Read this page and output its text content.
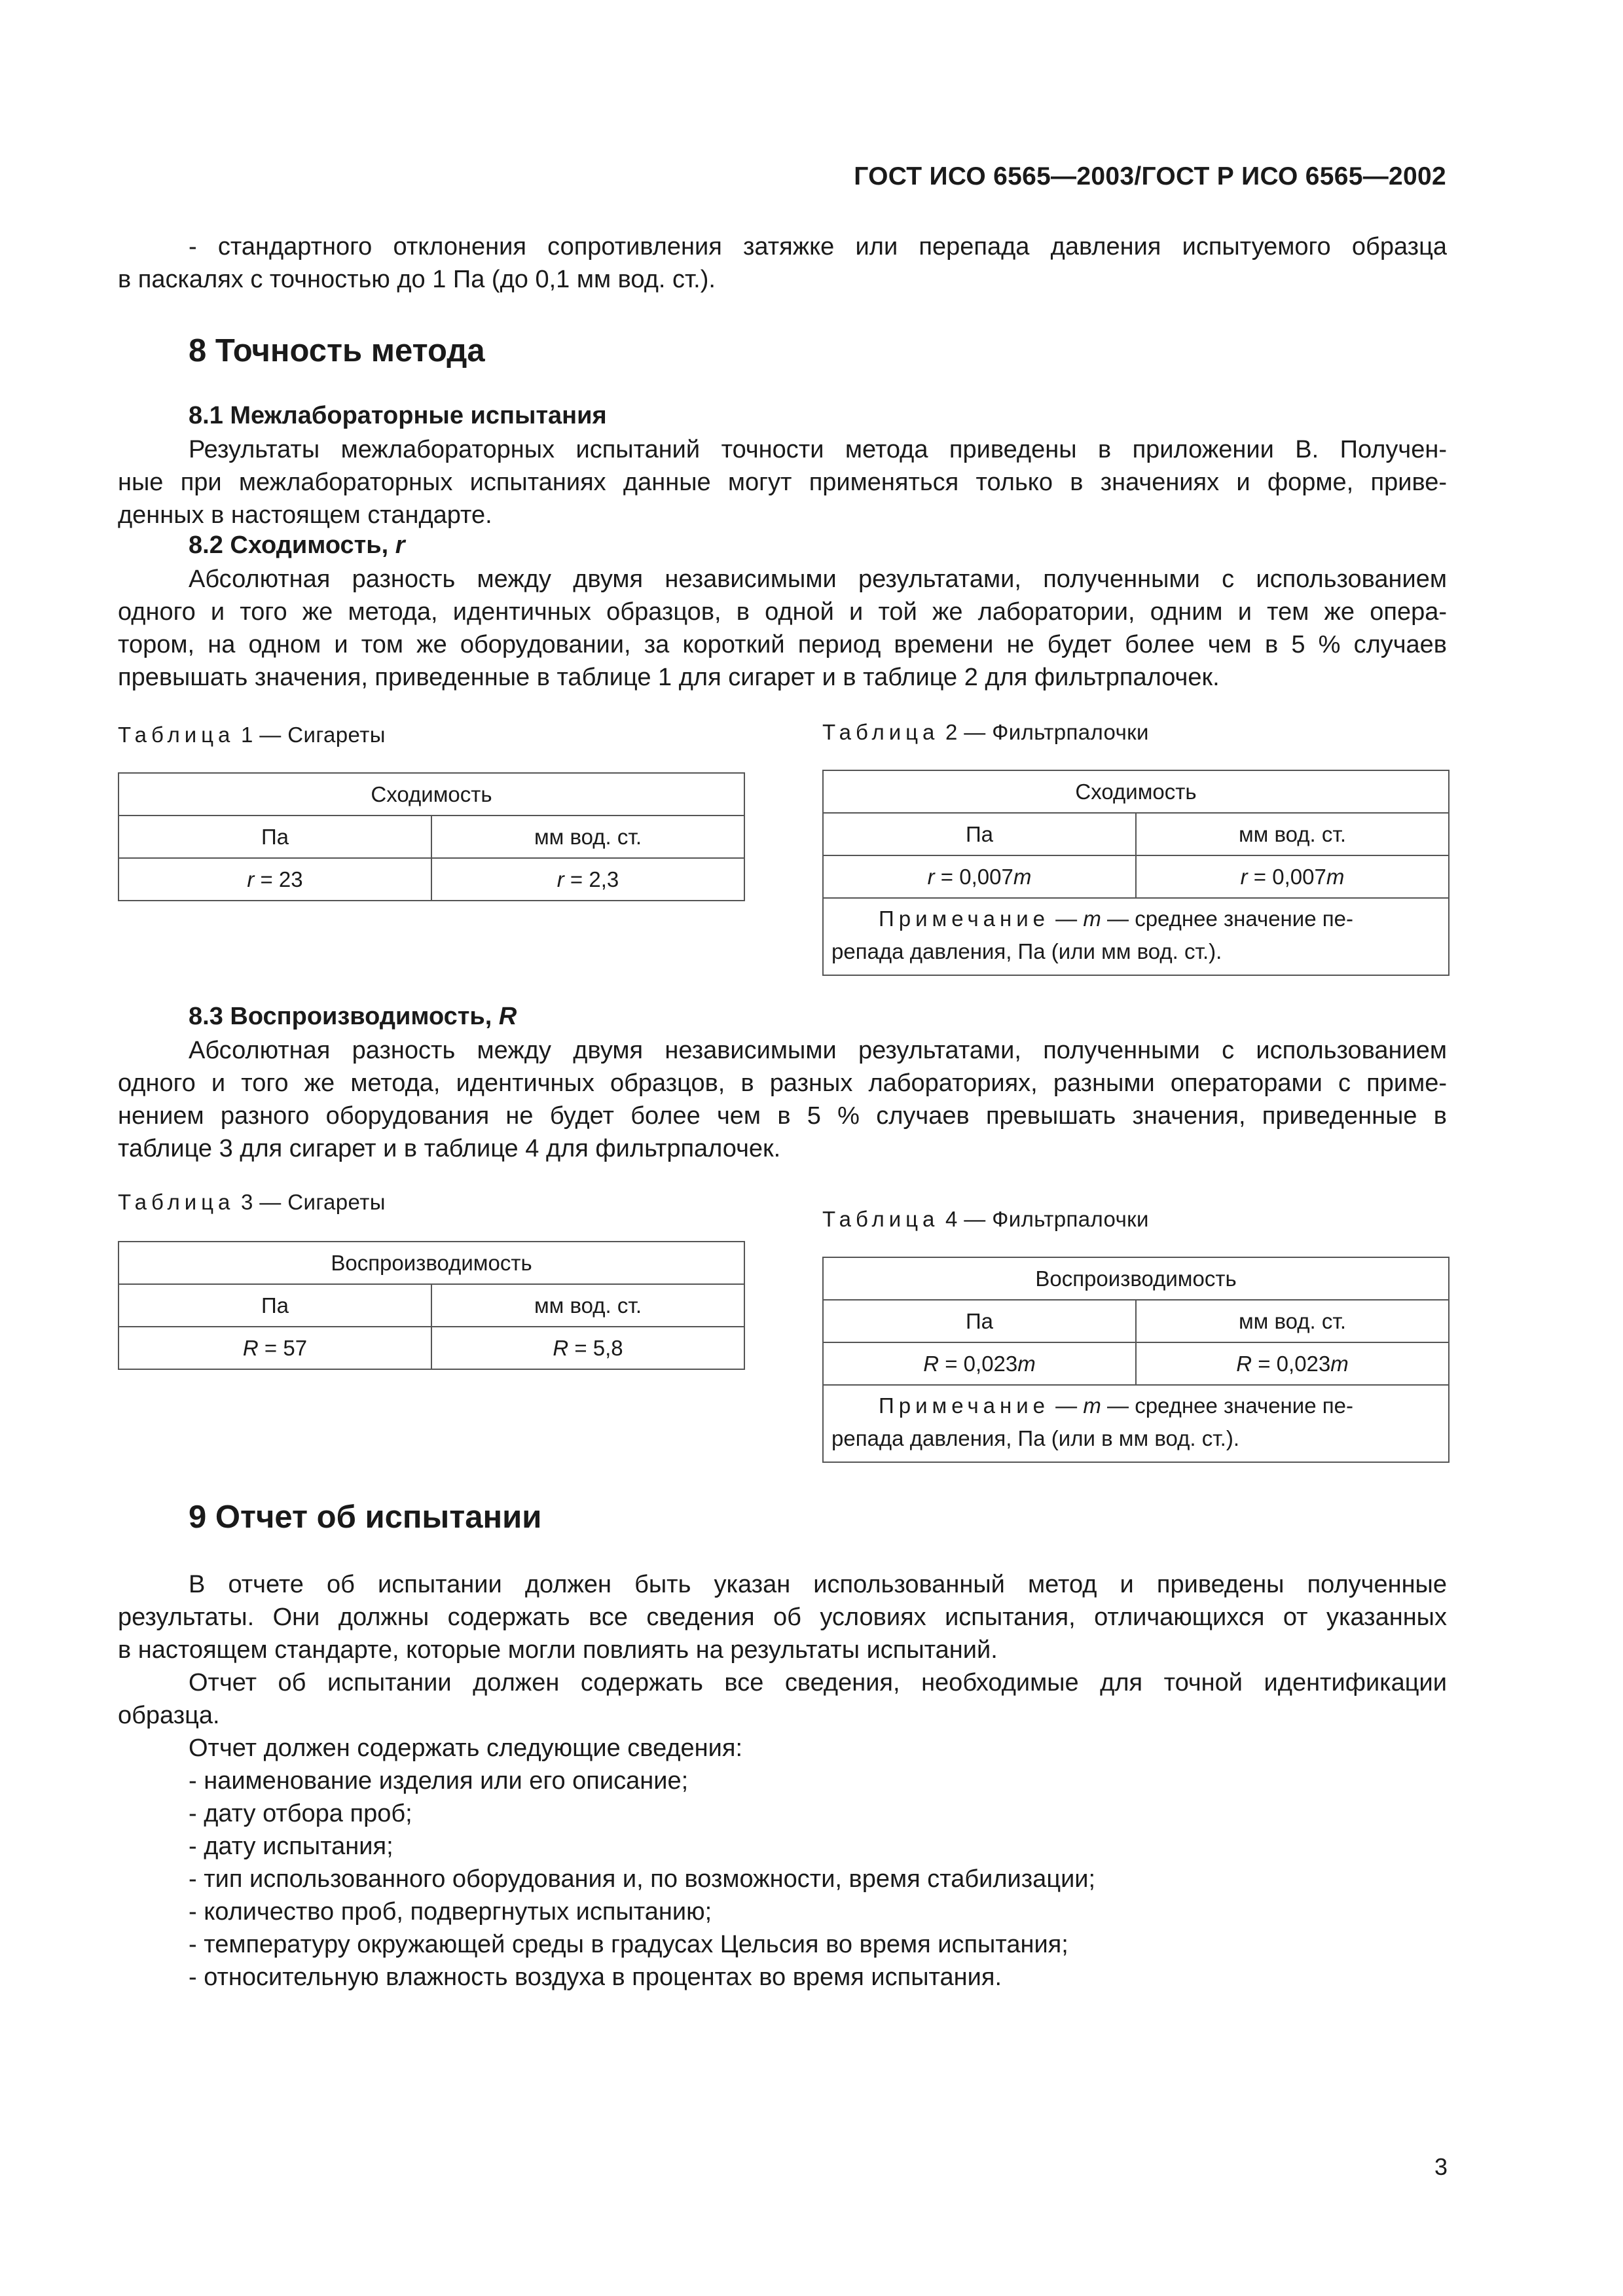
ГОСТ ИСО 6565—2003/ГОСТ Р ИСО 6565—2002

- стандартного отклонения сопротивления затяжке или перепада давления испытуемого образца

в паскалях с точностью до 1 Па (до 0,1 мм вод. ст.).

8 Точность метода
8.1 Межлабораторные испытания

Результаты межлабораторных испытаний точности метода приведены в приложении В. Получен-

ные при межлабораторных испытаниях данные могут применяться только в значениях и форме, приве-

денных в настоящем стандарте.

8.2 Сходимость, r

Абсолютная разность между двумя независимыми результатами, полученными с использованием

одного и того же метода, идентичных образцов, в одной и той же лаборатории, одним и тем же опера-

тором, на одном и том же оборудовании, за короткий период времени не будет более чем в 5 % случаев

превышать значения, приведенные в таблице 1 для сигарет и в таблице 2 для фильтрпалочек.

Таблица 1 — Сигареты
Сходимость	
Па	мм вод. ст.
r = 23	r = 2,3
Таблица 2 — Фильтрпалочки
Сходимость	
Па	мм вод. ст.
r = 0,007m	r = 0,007m
Примечание — m — среднее значение пе-
репада давления, Па (или мм вод. ст.).	
8.3 Воспроизводимость, R

Абсолютная разность между двумя независимыми результатами, полученными с использованием

одного и того же метода, идентичных образцов, в разных лабораториях, разными операторами с приме-

нением разного оборудования не будет более чем в 5 % случаев превышать значения, приведенные в

таблице 3 для сигарет и в таблице 4 для фильтрпалочек.

Таблица 3 — Сигареты
Воспроизводимость	
Па	мм вод. ст.
R = 57	R = 5,8
Таблица 4 — Фильтрпалочки
Воспроизводимость	
Па	мм вод. ст.
R = 0,023m	R = 0,023m
Примечание — m — среднее значение пе-
репада давления, Па (или в мм вод. ст.).	
9 Отчет об испытании

В отчете об испытании должен быть указан использованный метод и приведены полученные

результаты. Они должны содержать все сведения об условиях испытания, отличающихся от указанных

в настоящем стандарте, которые могли повлиять на результаты испытаний.

Отчет об испытании должен содержать все сведения, необходимые для точной идентификации

образца.

Отчет должен содержать следующие сведения:

- наименование изделия или его описание;

- дату отбора проб;

- дату испытания;

- тип использованного оборудования и, по возможности, время стабилизации;

- количество проб, подвергнутых испытанию;

- температуру окружающей среды в градусах Цельсия во время испытания;

- относительную влажность воздуха в процентах во время испытания.

3
